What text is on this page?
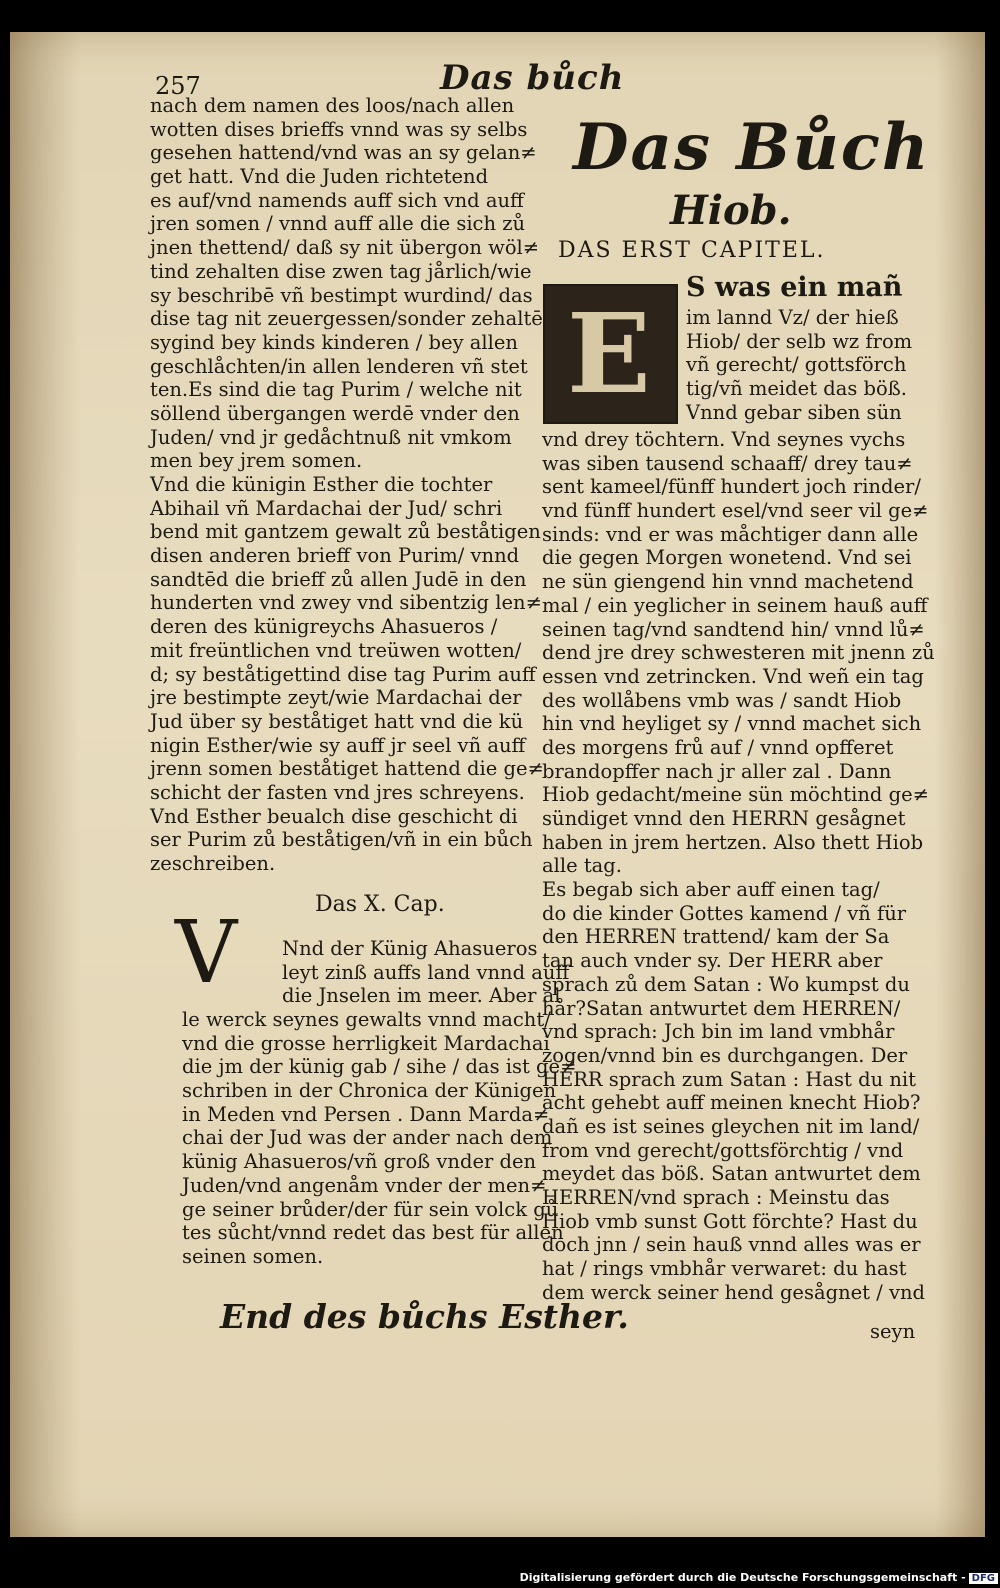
257	Das bůch
nach dem namen des loos/nach allen
wotten dises brieffs vnnd was sy selbs
gesehen hattend/vnd was an sy gelan≠
get hatt. Vnd die Juden richtetend
es auf/vnd namends auff sich vnd auff
jren somen / vnnd auff alle die sich zů
jnen thettend/ daß sy nit übergon wöl≠
tind zehalten dise zwen tag jårlich/wie
sy beschribē vñ bestimpt wurdind/ das
dise tag nit zeuergessen/sonder zehaltē
sygind bey kinds kinderen / bey allen
geschlåchten/in allen lenderen vñ stet
ten.Es sind die tag Purim / welche nit
söllend übergangen werdē vnder den
Juden/ vnd jr gedåchtnuß nit vmkom
men bey jrem somen.
Vnd die künigin Esther die tochter
Abihail vñ Mardachai der Jud/ schri
bend mit gantzem gewalt zů beståtigen
disen anderen brieff von Purim/ vnnd
sandtēd die brieff zů allen Judē in den
hunderten vnd zwey vnd sibentzig len≠
deren des künigreychs Ahasueros /
mit freüntlichen vnd treüwen wotten/
d; sy beståtigettind dise tag Purim auff
jre bestimpte zeyt/wie Mardachai der
Jud über sy beståtiget hatt vnd die kü
nigin Esther/wie sy auff jr seel vñ auff
jrenn somen beståtiget hattend die ge≠
schicht der fasten vnd jres schreyens.
Vnd Esther beualch dise geschicht di
ser Purim zů beståtigen/vñ in ein bůch
zeschreiben.
Das X. Cap.
V Nnd der Künig Ahasueros
leyt zinß auffs land vnnd auff
die Jnselen im meer. Aber al
le werck seynes gewalts vnnd macht/
vnd die grosse herrligkeit Mardachai
die jm der künig gab / sihe / das ist ge≠
schriben in der Chronica der Künigen
in Meden vnd Persen . Dann Marda≠
chai der Jud was der ander nach dem
künig Ahasueros/vñ groß vnder den
Juden/vnd angenåm vnder der men≠
ge seiner brůder/der für sein volck gů
tes sůcht/vnnd redet das best für allen
seinen somen.
End des bůchs Esther.
Das Bůch
Hiob.
DAS ERST CAPITEL.
E
S was ein mañ
im lannd Vz/ der hieß
Hiob/ der selb wz from
vñ gerecht/ gottsförch
tig/vñ meidet das böß.
Vnnd gebar siben sün
vnd drey töchtern. Vnd seynes vychs
was siben tausend schaaff/ drey tau≠
sent kameel/fünff hundert joch rinder/
vnd fünff hundert esel/vnd seer vil ge≠
sinds: vnd er was måchtiger dann alle
die gegen Morgen wonetend. Vnd sei
ne sün giengend hin vnnd machetend
mal / ein yeglicher in seinem hauß auff
seinen tag/vnd sandtend hin/ vnnd lů≠
dend jre drey schwesteren mit jnenn zů
essen vnd zetrincken. Vnd weñ ein tag
des wollåbens vmb was / sandt Hiob
hin vnd heyliget sy / vnnd machet sich
des morgens frů auf / vnnd opfferet
brandopffer nach jr aller zal . Dann
Hiob gedacht/meine sün möchtind ge≠
sündiget vnnd den HERRN gesågnet
haben in jrem hertzen. Also thett Hiob
alle tag.
Es begab sich aber auff einen tag/
do die kinder Gottes kamend / vñ für
den HERREN trattend/ kam der Sa
tan auch vnder sy. Der HERR aber
sprach zů dem Satan : Wo kumpst du
hår?Satan antwurtet dem HERREN/
vnd sprach: Jch bin im land vmbhår
zogen/vnnd bin es durchgangen. Der
HERR sprach zum Satan : Hast du nit
acht gehebt auff meinen knecht Hiob?
dañ es ist seines gleychen nit im land/
from vnd gerecht/gottsförchtig / vnd
meydet das böß. Satan antwurtet dem
HERREN/vnd sprach : Meinstu das
Hiob vmb sunst Gott förchte? Hast du
doch jnn / sein hauß vnnd alles was er
hat / rings vmbhår verwaret: du hast
dem werck seiner hend gesågnet / vnd
seyn
Digitalisierung gefördert durch die Deutsche Forschungsgemeinschaft - DFG
